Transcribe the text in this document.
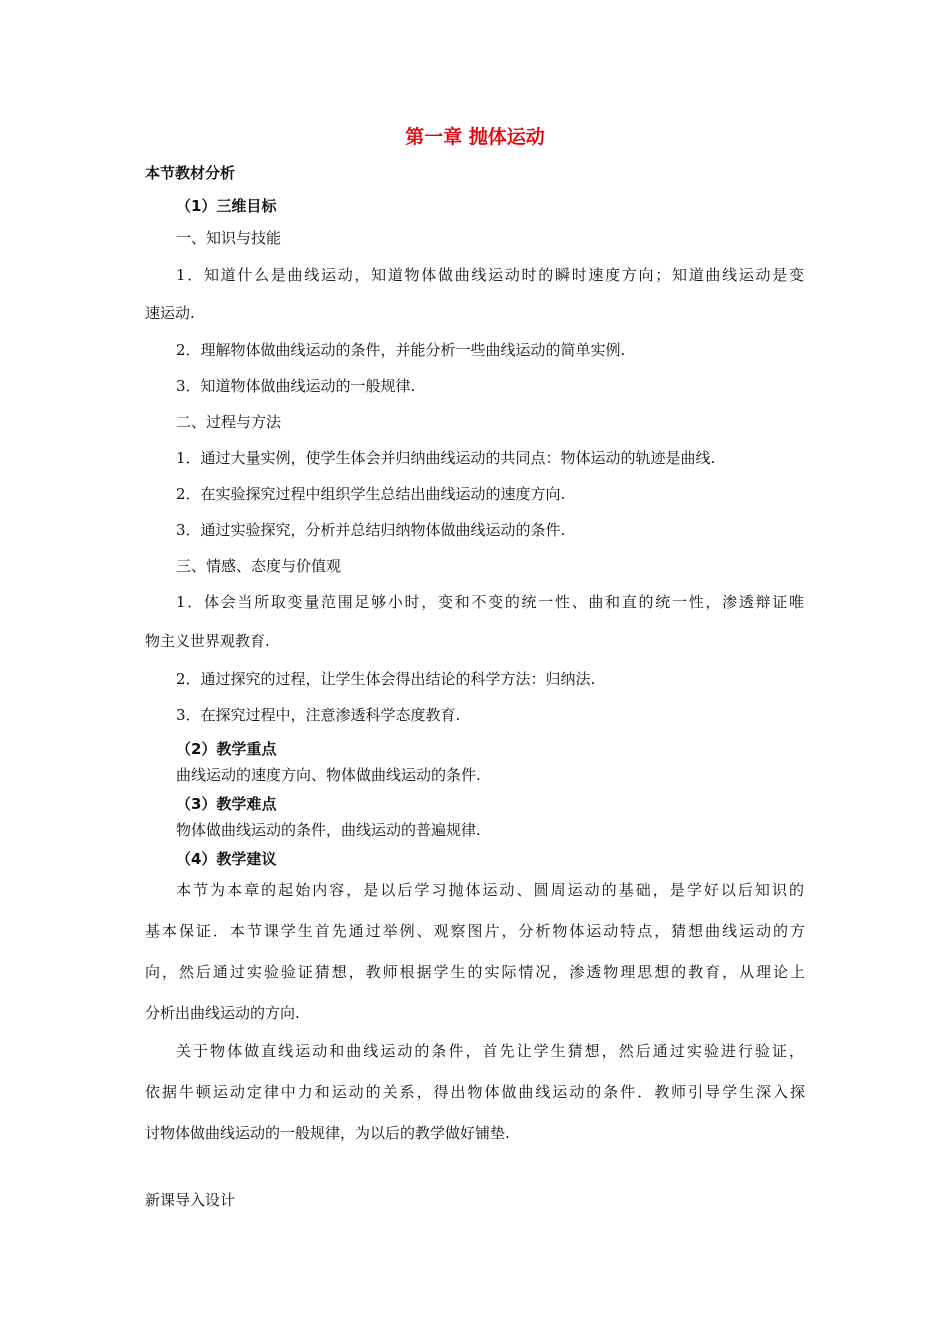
第一章 抛体运动
本节教材分析
（1）三维目标
一、知识与技能
1．知道什么是曲线运动，知道物体做曲线运动时的瞬时速度方向；知道曲线运动是变
速运动.
2．理解物体做曲线运动的条件，并能分析一些曲线运动的简单实例.
3．知道物体做曲线运动的一般规律.
二、过程与方法
1．通过大量实例，使学生体会并归纳曲线运动的共同点：物体运动的轨迹是曲线.
2．在实验探究过程中组织学生总结出曲线运动的速度方向.
3．通过实验探究，分析并总结归纳物体做曲线运动的条件.
三、情感、态度与价值观
1．体会当所取变量范围足够小时，变和不变的统一性、曲和直的统一性，渗透辩证唯
物主义世界观教育.
2．通过探究的过程，让学生体会得出结论的科学方法：归纳法.
3．在探究过程中，注意渗透科学态度教育.
（2）教学重点
曲线运动的速度方向、物体做曲线运动的条件.
（3）教学难点
物体做曲线运动的条件，曲线运动的普遍规律.
（4）教学建议
本节为本章的起始内容，是以后学习抛体运动、圆周运动的基础，是学好以后知识的
基本保证．本节课学生首先通过举例、观察图片，分析物体运动特点，猜想曲线运动的方
向，然后通过实验验证猜想，教师根据学生的实际情况，渗透物理思想的教育，从理论上
分析出曲线运动的方向.
关于物体做直线运动和曲线运动的条件，首先让学生猜想，然后通过实验进行验证，
依据牛顿运动定律中力和运动的关系，得出物体做曲线运动的条件．教师引导学生深入探
讨物体做曲线运动的一般规律，为以后的教学做好铺垫.
新课导入设计
